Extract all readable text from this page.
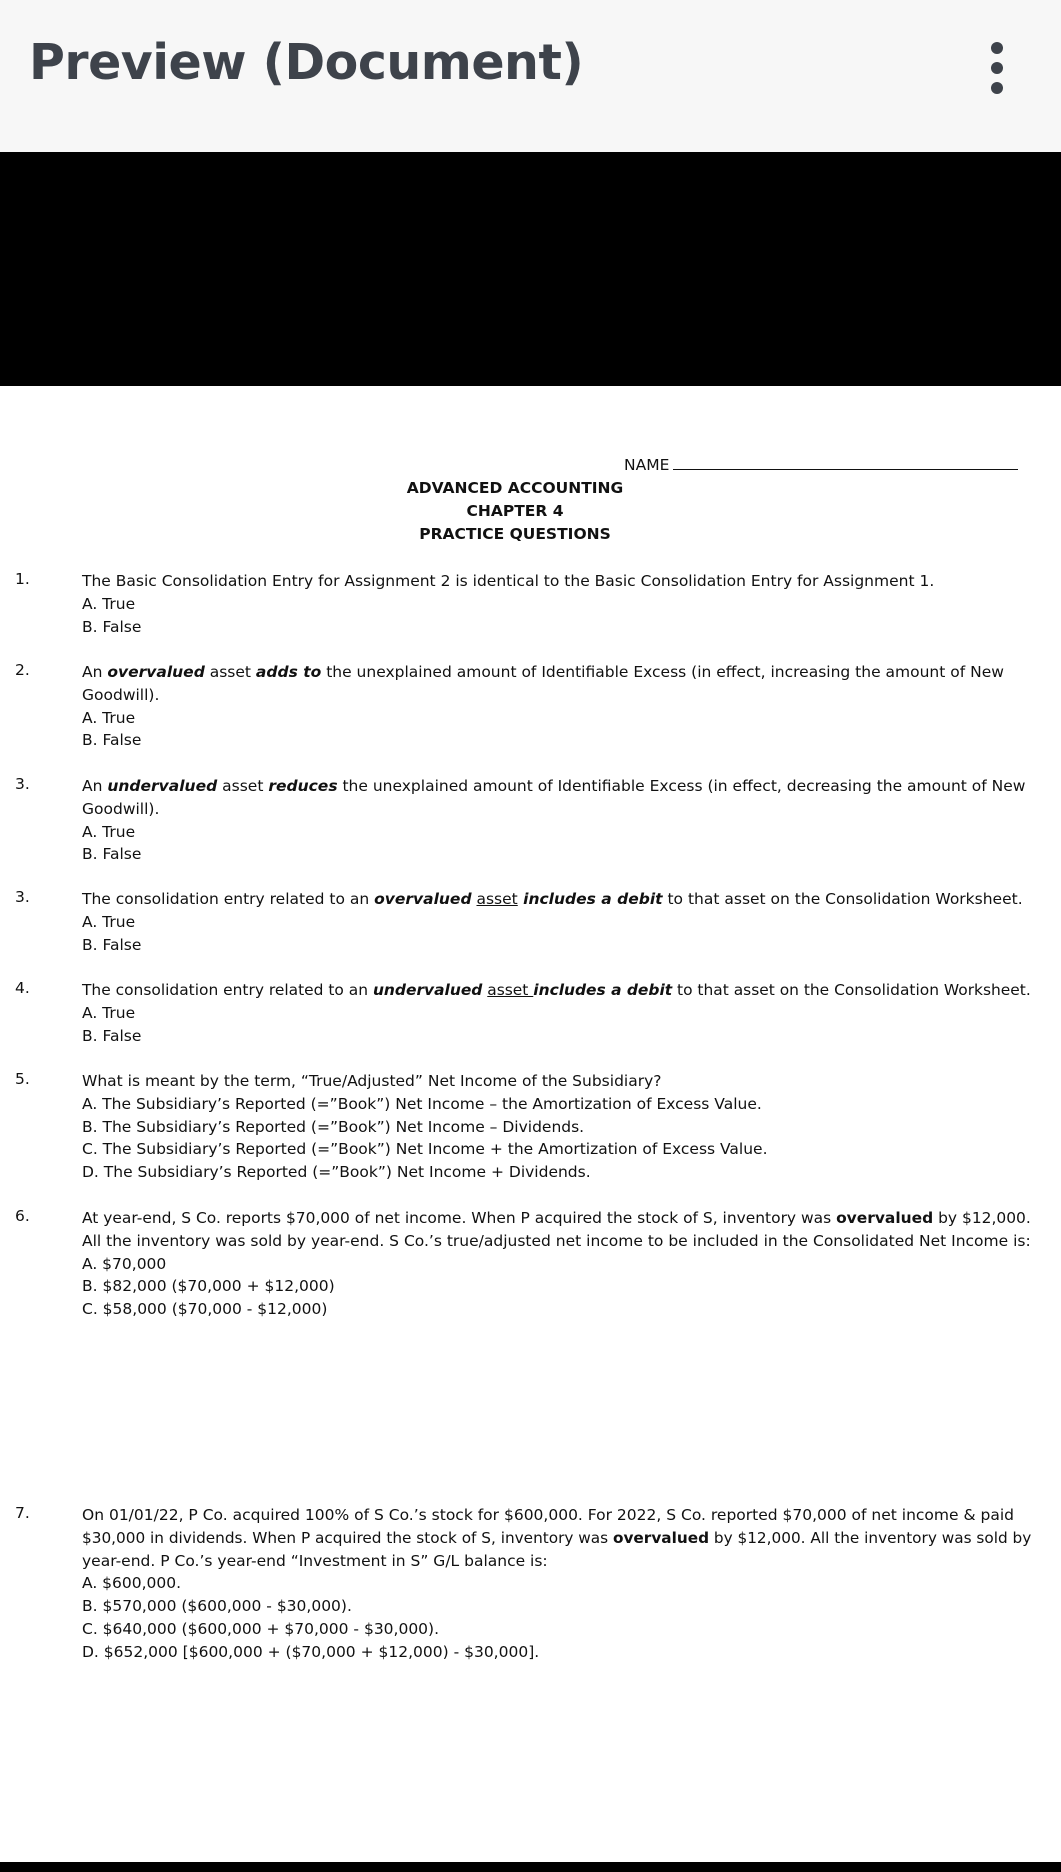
Preview (Document)
NAME
ADVANCED ACCOUNTING
CHAPTER 4
PRACTICE QUESTIONS
1.	The Basic Consolidation Entry for Assignment 2 is identical to the Basic Consolidation Entry for Assignment 1.
A. True
B. False
2.	An overvalued asset adds to the unexplained amount of Identifiable Excess (in effect, increasing the amount of New
Goodwill).
A. True
B. False
3.	An undervalued asset reduces the unexplained amount of Identifiable Excess (in effect, decreasing the amount of New
Goodwill).
A. True
B. False
3.	The consolidation entry related to an overvalued asset includes a debit to that asset on the Consolidation Worksheet.
A. True
B. False
4.	The consolidation entry related to an undervalued asset includes a debit to that asset on the Consolidation Worksheet.
A. True
B. False
5.	What is meant by the term, “True/Adjusted” Net Income of the Subsidiary?
A. The Subsidiary’s Reported (=”Book”) Net Income – the Amortization of Excess Value.
B. The Subsidiary’s Reported (=”Book”) Net Income – Dividends.
C. The Subsidiary’s Reported (=”Book”) Net Income + the Amortization of Excess Value.
D. The Subsidiary’s Reported (=”Book”) Net Income + Dividends.
6.	At year-end, S Co. reports $70,000 of net income. When P acquired the stock of S, inventory was overvalued by $12,000.
All the inventory was sold by year-end. S Co.’s true/adjusted net income to be included in the Consolidated Net Income is:
A. $70,000
B. $82,000 ($70,000 + $12,000)
C. $58,000 ($70,000 - $12,000)
7.	On 01/01/22, P Co. acquired 100% of S Co.’s stock for $600,000. For 2022, S Co. reported $70,000 of net income & paid
$30,000 in dividends. When P acquired the stock of S, inventory was overvalued by $12,000. All the inventory was sold by
year-end. P Co.’s year-end “Investment in S” G/L balance is:
A. $600,000.
B. $570,000 ($600,000 - $30,000).
C. $640,000 ($600,000 + $70,000 - $30,000).
D. $652,000 [$600,000 + ($70,000 + $12,000) - $30,000].
